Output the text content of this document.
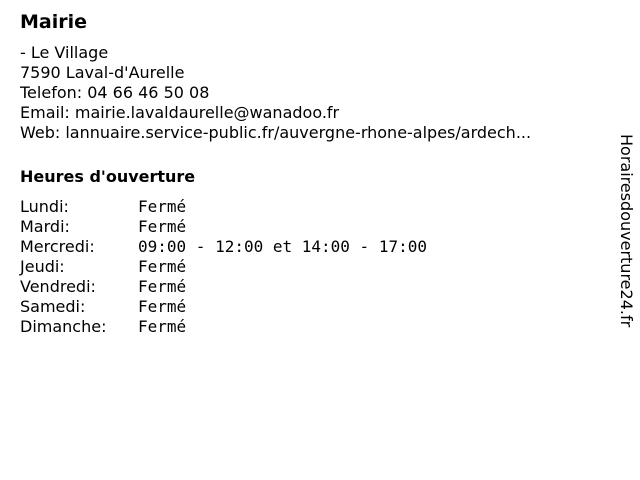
Mairie
- Le Village
7590 Laval-d'Aurelle
Telefon: 04 66 46 50 08
Email: mairie.lavaldaurelle@wanadoo.fr
Web: lannuaire.service-public.fr/auvergne-rhone-alpes/ardech...
Heures d'ouverture
Lundi:	Fermé
Mardi:	Fermé
Mercredi:	09:00 - 12:00 et 14:00 - 17:00
Jeudi:	Fermé
Vendredi:	Fermé
Samedi:	Fermé
Dimanche:	Fermé	Horairesdouverture24.fr
